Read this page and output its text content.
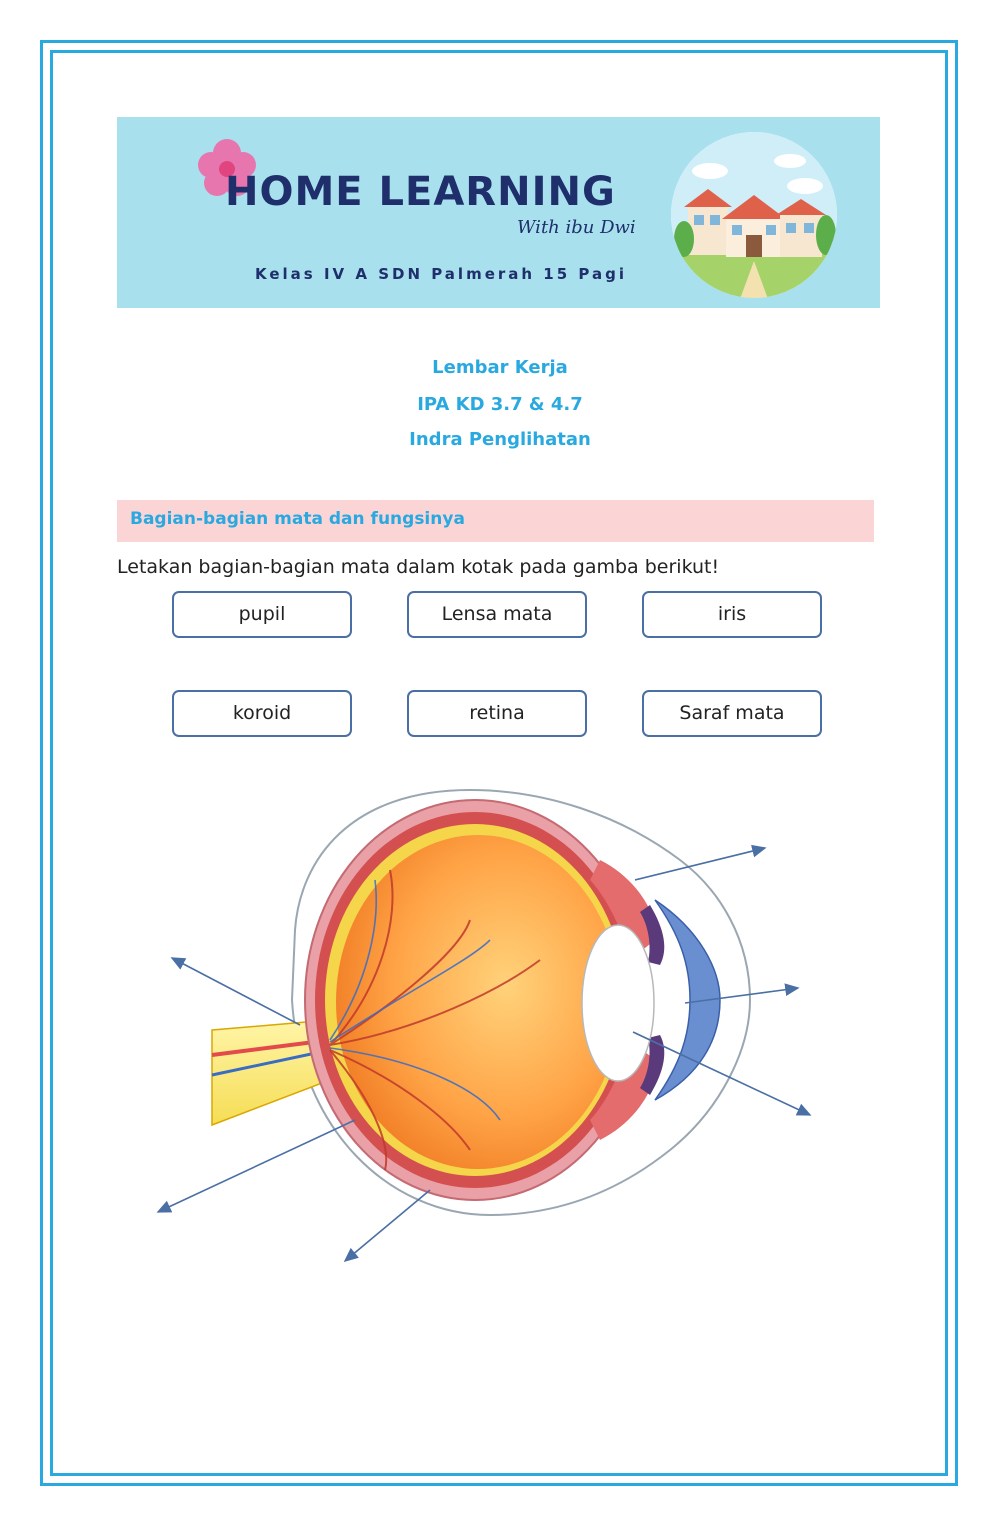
HOME LEARNING
With ibu Dwi
Kelas IV A SDN Palmerah 15 Pagi
Lembar Kerja
IPA KD 3.7 & 4.7
Indra Penglihatan
Bagian-bagian mata dan fungsinya
Letakan bagian-bagian mata dalam kotak pada gamba berikut!
pupil	Lensa mata	iris
koroid	retina	Saraf mata
